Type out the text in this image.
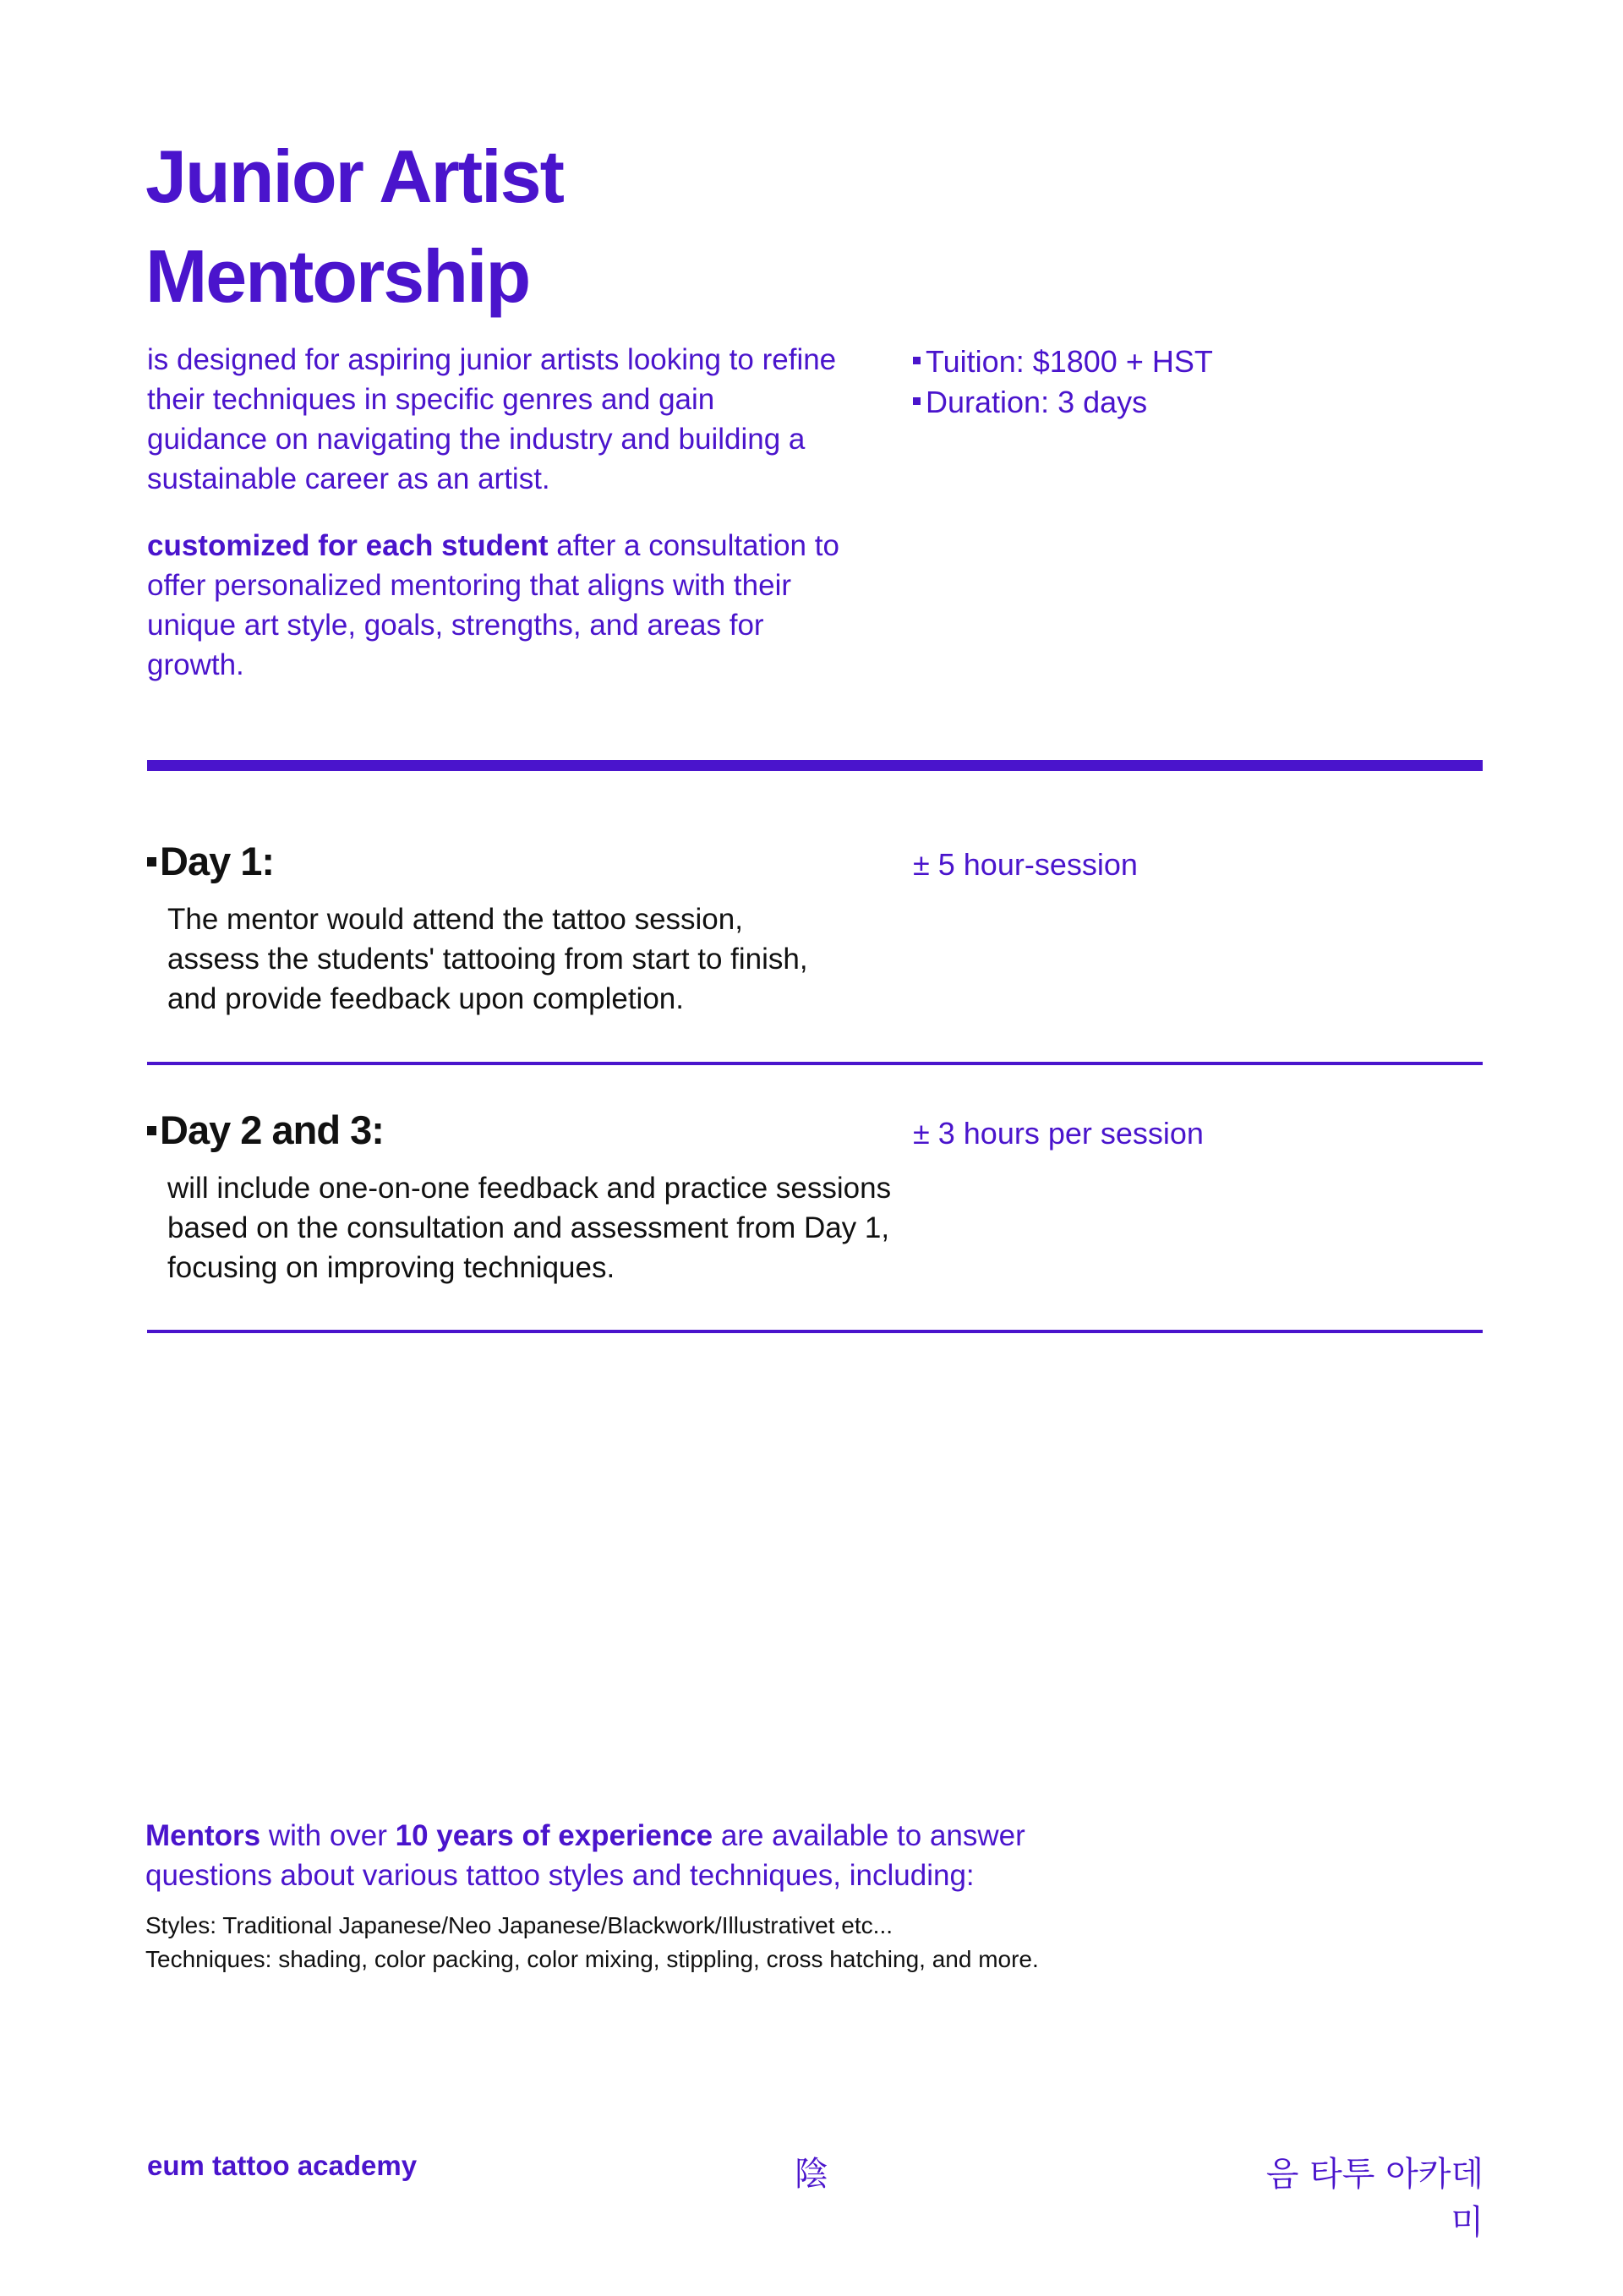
Junior Artist
Mentorship

is designed for aspiring junior artists looking to refine their techniques in specific genres and gain guidance on navigating the industry and building a sustainable career as an artist.

customized for each student after a consultation to offer personalized mentoring that aligns with their unique art style, goals, strengths, and areas for growth.

Tuition: $1800 + HST
Duration: 3 days
Day 1:	± 5 hour-session
The mentor would attend the tattoo session, assess the students' tattooing from start to finish, and provide feedback upon completion.
Day 2 and 3:	± 3 hours per session
will include one-on-one feedback and practice sessions based on the consultation and assessment from Day 1, focusing on improving techniques.
Mentors with over 10 years of experience are available to answer questions about various tattoo styles and techniques, including:
Styles: Traditional Japanese/Neo Japanese/Blackwork/Illustrativet etc...
Techniques: shading, color packing, color mixing, stippling, cross hatching, and more.
eum tattoo academy	陰	음 타투 아카데미
